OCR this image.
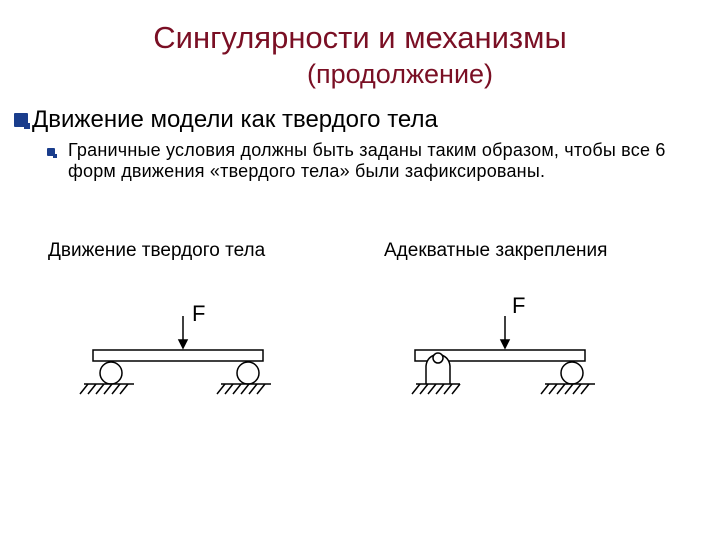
Сингулярности и механизмы
(продолжение)
Движение модели как твердого тела
Граничные условия должны быть заданы таким образом, чтобы все 6 форм движения «твердого тела» были зафиксированы.
Движение твердого тела	Адекватные закрепления
F	F
